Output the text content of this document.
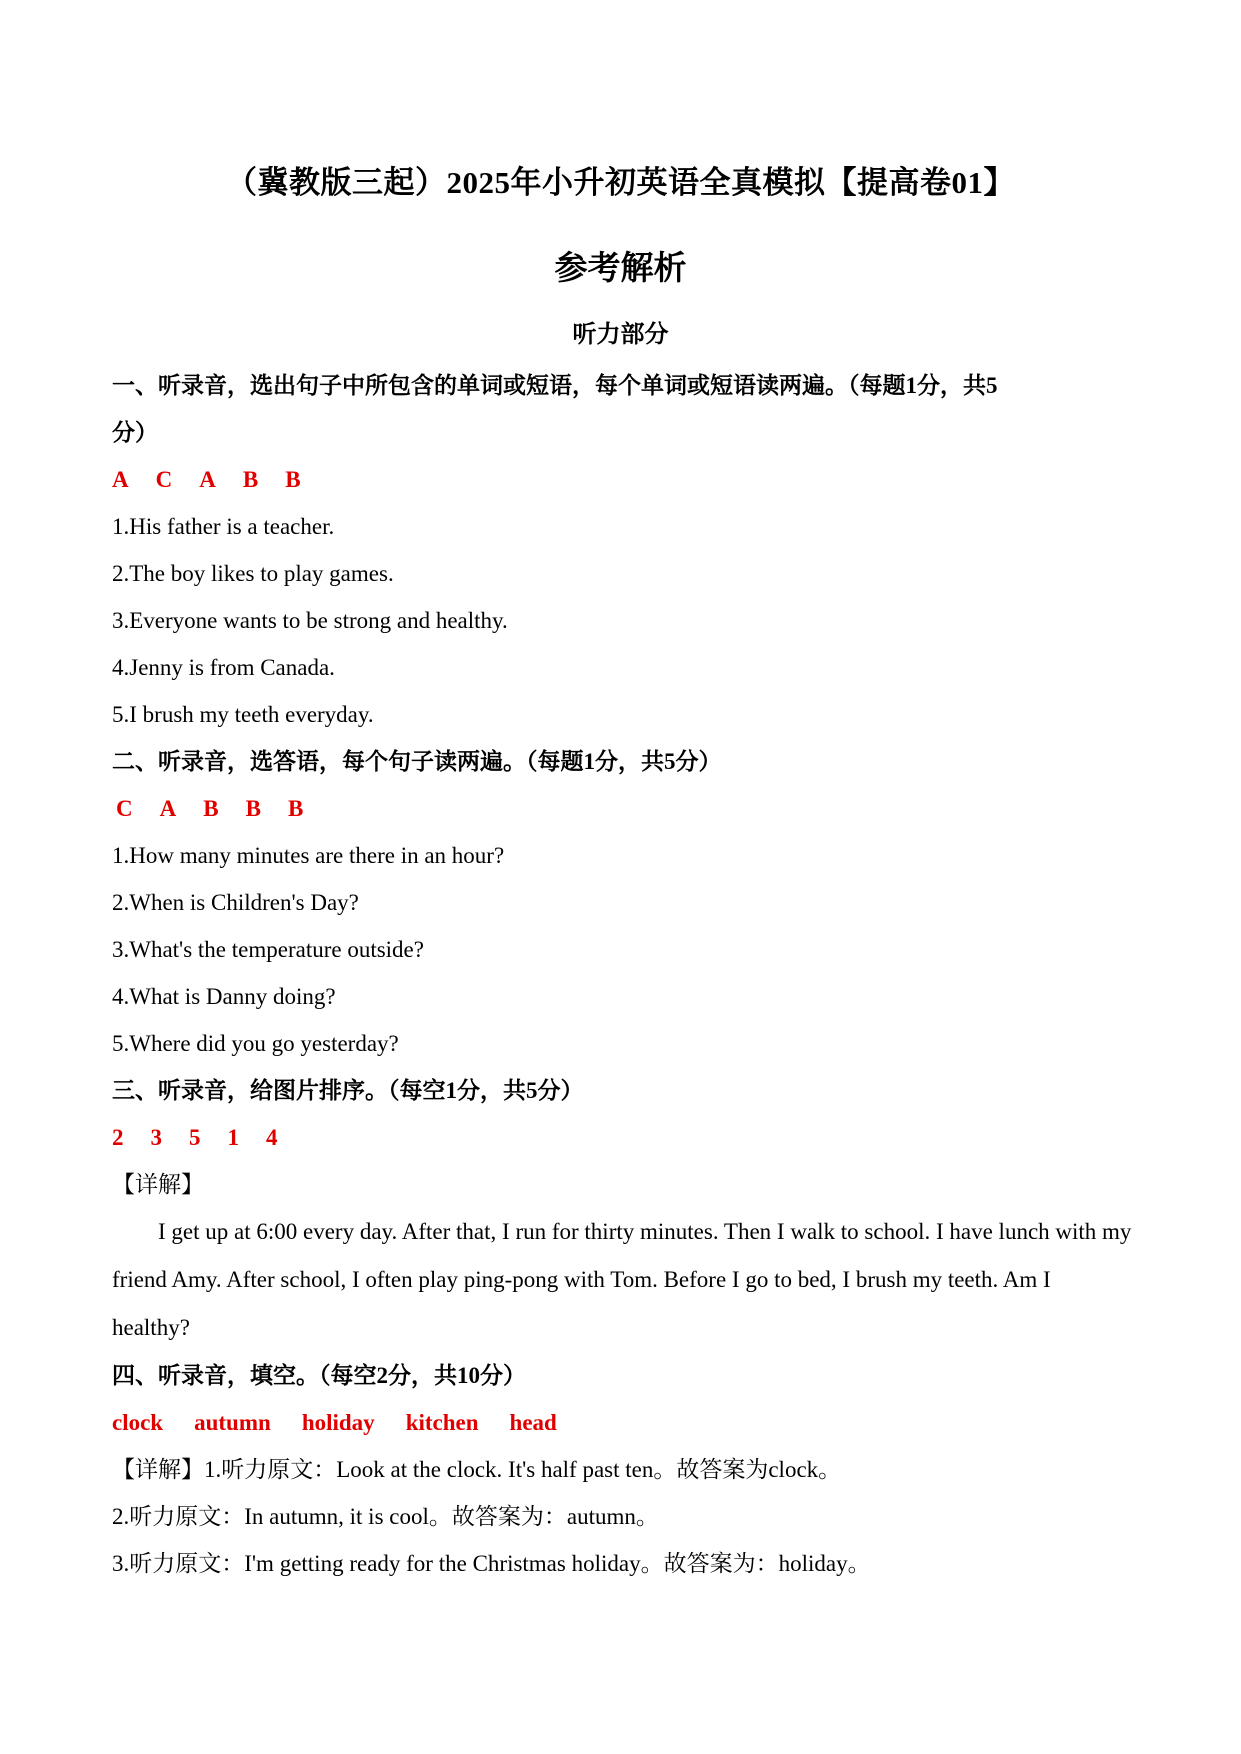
（冀教版三起）2025年小升初英语全真模拟【提高卷01】
参考解析
听力部分
一、听录音，选出句子中所包含的单词或短语，每个单词或短语读两遍。（每题1分，共5
分）
A C A B B
1.His father is a teacher.
2.The boy likes to play games.
3.Everyone wants to be strong and healthy.
4.Jenny is from Canada.
5.I brush my teeth everyday.
二、听录音，选答语，每个句子读两遍。（每题1分，共5分）
C A B B B
1.How many minutes are there in an hour?
2.When is Children's Day?
3.What's the temperature outside?
4.What is Danny doing?
5.Where did you go yesterday?
三、听录音，给图片排序。（每空1分，共5分）
2 3 5 1 4
【详解】
I get up at 6:00 every day. After that, I run for thirty minutes. Then I walk to school. I have lunch with my friend Amy. After school, I often play ping-pong with Tom. Before I go to bed, I brush my teeth. Am I healthy?
四、听录音，填空。（每空2分，共10分）
clock autumn holiday kitchen head
【详解】1.听力原文：Look at the clock. It's half past ten。故答案为clock。
2.听力原文：In autumn, it is cool。故答案为：autumn。
3.听力原文：I'm getting ready for the Christmas holiday。故答案为：holiday。
